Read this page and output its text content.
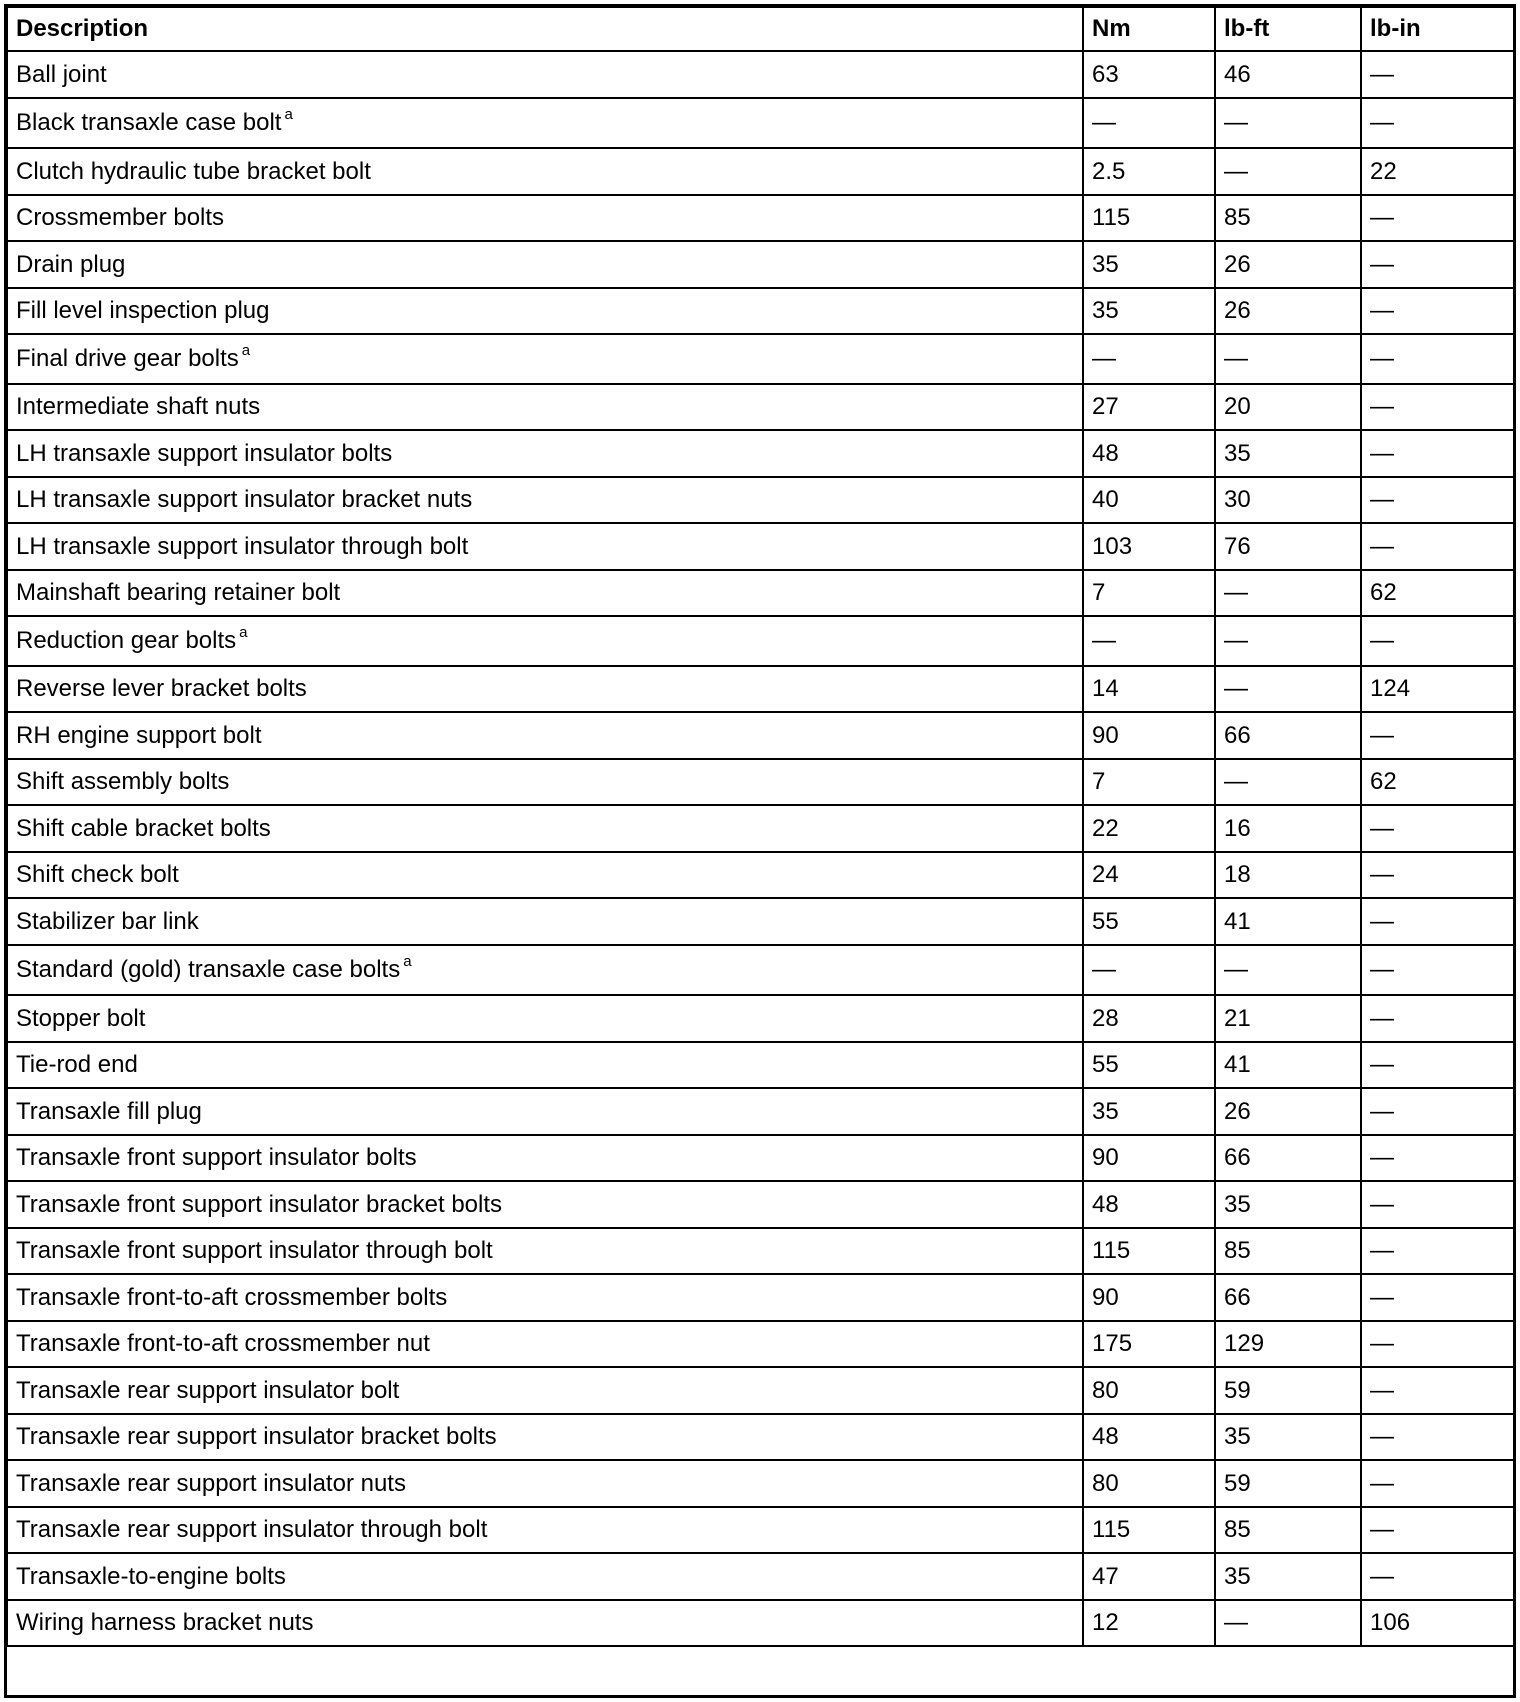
Description	Nm	lb-ft	lb-in
Ball joint	63	46	—
Black transaxle case bolt $^a$	—	—	—
Clutch hydraulic tube bracket bolt	2.5	—	22
Crossmember bolts	115	85	—
Drain plug	35	26	—
Fill level inspection plug	35	26	—
Final drive gear bolts $^a$	—	—	—
Intermediate shaft nuts	27	20	—
LH transaxle support insulator bolts	48	35	—
LH transaxle support insulator bracket nuts	40	30	—
LH transaxle support insulator through bolt	103	76	—
Mainshaft bearing retainer bolt	7	—	62
Reduction gear bolts $^a$	—	—	—
Reverse lever bracket bolts	14	—	124
RH engine support bolt	90	66	—
Shift assembly bolts	7	—	62
Shift cable bracket bolts	22	16	—
Shift check bolt	24	18	—
Stabilizer bar link	55	41	—
Standard (gold) transaxle case bolts $^a$	—	—	—
Stopper bolt	28	21	—
Tie-rod end	55	41	—
Transaxle fill plug	35	26	—
Transaxle front support insulator bolts	90	66	—
Transaxle front support insulator bracket bolts	48	35	—
Transaxle front support insulator through bolt	115	85	—
Transaxle front-to-aft crossmember bolts	90	66	—
Transaxle front-to-aft crossmember nut	175	129	—
Transaxle rear support insulator bolt	80	59	—
Transaxle rear support insulator bracket bolts	48	35	—
Transaxle rear support insulator nuts	80	59	—
Transaxle rear support insulator through bolt	115	85	—
Transaxle-to-engine bolts	47	35	—
Wiring harness bracket nuts	12	—	106
